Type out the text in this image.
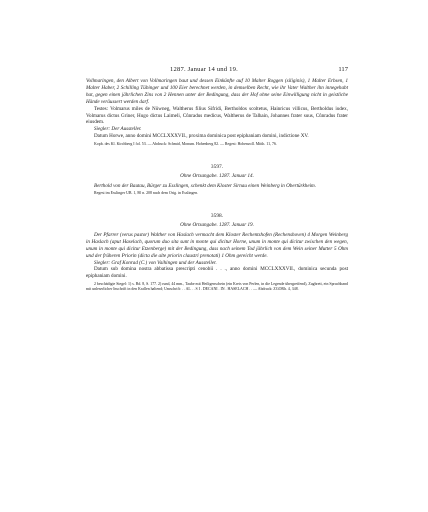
1287. Januar 14 und 19.	117

Vollmaringen, den Albert von Vollmaringen baut und dessen Einkünfte auf 10 Malter Roggen (siliginis), 1 Malter Erbsen, 1 Malter Haber, 2 Schilling Tübinger und 100 Eier berechnet werden, in demselben Recht, wie ihr Vater Walther ihn innegehabt hat, gegen einen jährlichen Zins von 2 Hennen unter der Bedingung, dass der Hof ohne seine Einwilligung nicht in geistliche Hände veräussert werden darf.

Testes: Volmarus miles de Nüwneg, Waltherus filius Sifridi, Bertholdos scoltetus, Hainricus villicus, Bertholdus iudex, Volmarus dictus Griner, Hugo dictus Laimeli, Cůnradus medicus, Waltherus de Talhain, Johannes frater suus, Cůnradus frater eiusdem.

Siegler: Der Aussteller.

Datum Horwe, anno domini MCCLXXXVII., proxima dominica post epiphaniam domini, indictione XV.

Kopb. des Kl. Kirchberg I fol. 53. — Abdruck: Schmid, Monum. Hohenberg 82. — Regest: Hohenzoll. Mitth. 11, 76.

3597.

Ohne Ortsangabe. 1287. Januar 14.

Berthold von der Bautau, Bürger zu Esslingen, schenkt dem Kloster Sirnau einen Weinberg in Obertürkheim.

Regest im Esslinger UB. 1, 80 n. 208 nach dem Orig. in Esslingen.

3598.

Ohne Ortsangabe. 1287. Januar 19.

Der Pfarrer (verus pastor) Walther von Haslach vermacht dem Kloster Rechentshofen (Rechenshoven) 4 Morgen Weinberg in Haslach (aput Haselach, quorum duo sita sunt in monte qui dicitur Horne, unum in monte qui dicitur zwischen den wegen, unum in monte qui dicitur Etzenberge) mit der Bedingung, dass nach seinem Tod jährlich von dem Wein seiner Mutter 5 Ohm und der früheren Priorin (dicta die alte priorin claustri prenotati) 1 Ohm gereicht werde.

Siegler: Graf Konrad (C.) von Vaihingen und der Aussteller.

Datum sub domina nostra abbatissa prescripti cenobii . . ., anno domini MCCLXXXVII., dominica secunda post epiphaniam domini.

2 beschädigte Siegel: 1) s. Bd. 8, S. 177. 2) rund, 44 mm., Taube mit Heiligenschein (ein Kreis von Perlen, in die Legende übergreifend), Zugbrett, ein Spruchband mit unleserlicher Inschrift in den Krallen haltend; Umschrift: . . AL . . S I . DECANI . IN . HASELACH . . — Abdruck: ZGORh. 4, 348.
